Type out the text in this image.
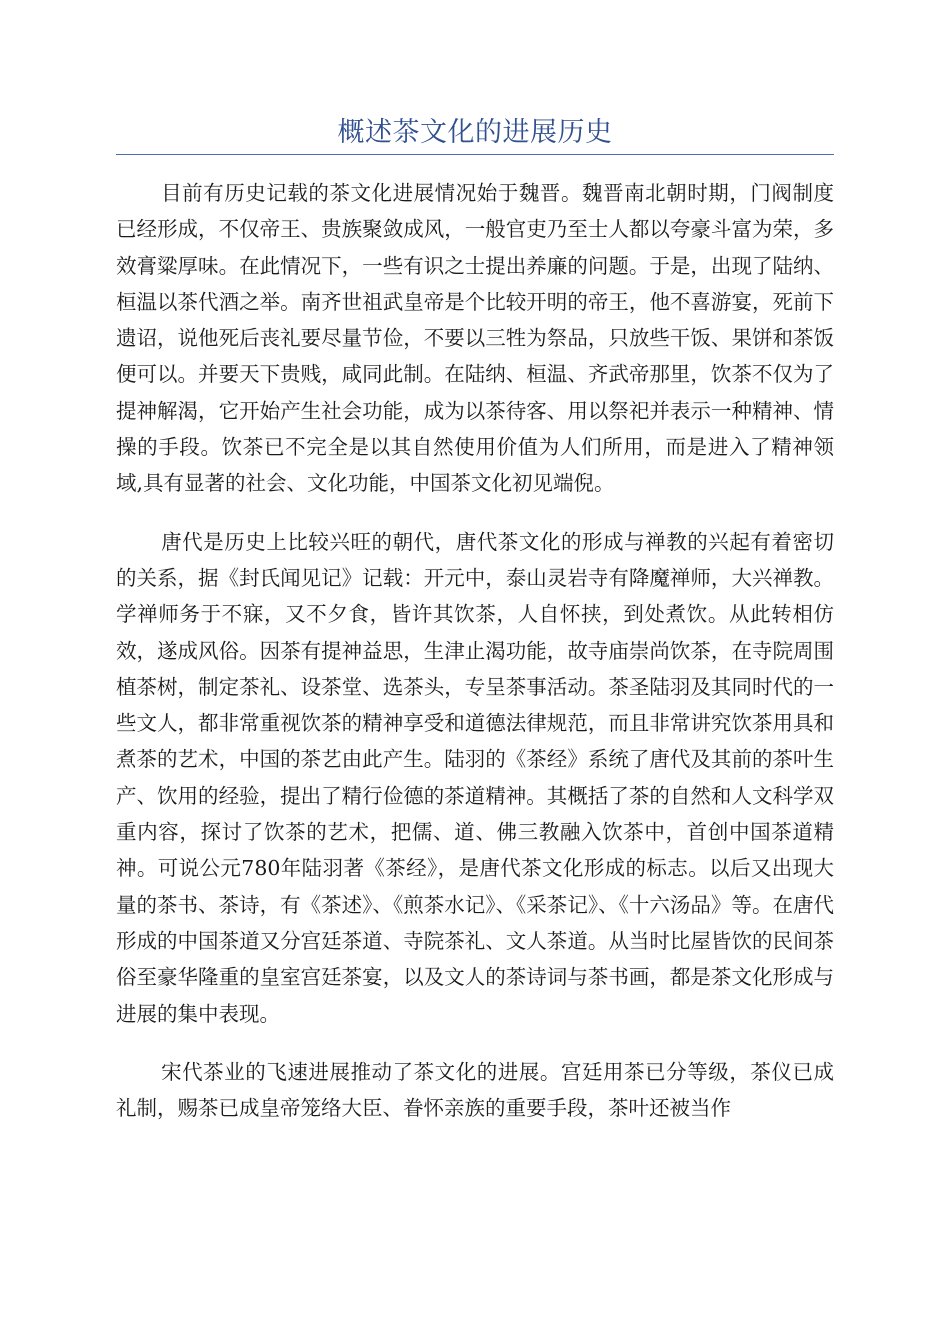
概述茶文化的进展历史

目前有历史记载的茶文化进展情况始于魏晋。魏晋南北朝时期，门阀制度已经形成，不仅帝王、贵族聚敛成风，一般官吏乃至士人都以夸豪斗富为荣，多效膏粱厚味。在此情况下，一些有识之士提出养廉的问题。于是，出现了陆纳、桓温以茶代酒之举。南齐世祖武皇帝是个比较开明的帝王，他不喜游宴，死前下遗诏，说他死后丧礼要尽量节俭，不要以三牲为祭品，只放些干饭、果饼和茶饭便可以。并要天下贵贱，咸同此制。在陆纳、桓温、齐武帝那里，饮茶不仅为了提神解渴，它开始产生社会功能，成为以茶待客、用以祭祀并表示一种精神、情操的手段。饮茶已不完全是以其自然使用价值为人们所用，而是进入了精神领域,具有显著的社会、文化功能，中国茶文化初见端倪。

唐代是历史上比较兴旺的朝代，唐代茶文化的形成与禅教的兴起有着密切的关系，据《封氏闻见记》记载：开元中，泰山灵岩寺有降魔禅师，大兴禅教。学禅师务于不寐，又不夕食，皆许其饮茶，人自怀挟，到处煮饮。从此转相仿效，遂成风俗。因茶有提神益思，生津止渴功能，故寺庙崇尚饮茶，在寺院周围植茶树，制定茶礼、设茶堂、选茶头，专呈茶事活动。茶圣陆羽及其同时代的一些文人，都非常重视饮茶的精神享受和道德法律规范，而且非常讲究饮茶用具和煮茶的艺术，中国的茶艺由此产生。陆羽的《茶经》系统了唐代及其前的茶叶生产、饮用的经验，提出了精行俭德的茶道精神。其概括了茶的自然和人文科学双重内容，探讨了饮茶的艺术，把儒、道、佛三教融入饮茶中，首创中国茶道精神。可说公元780年陆羽著《茶经》，是唐代茶文化形成的标志。以后又出现大量的茶书、茶诗，有《茶述》、《煎茶水记》、《采茶记》、《十六汤品》等。在唐代形成的中国茶道又分宫廷茶道、寺院茶礼、文人茶道。从当时比屋皆饮的民间茶俗至豪华隆重的皇室宫廷茶宴，以及文人的茶诗词与茶书画，都是茶文化形成与进展的集中表现。

宋代茶业的飞速进展推动了茶文化的进展。宫廷用茶已分等级，茶仪已成礼制，赐茶已成皇帝笼络大臣、眷怀亲族的重要手段，茶叶还被当作
